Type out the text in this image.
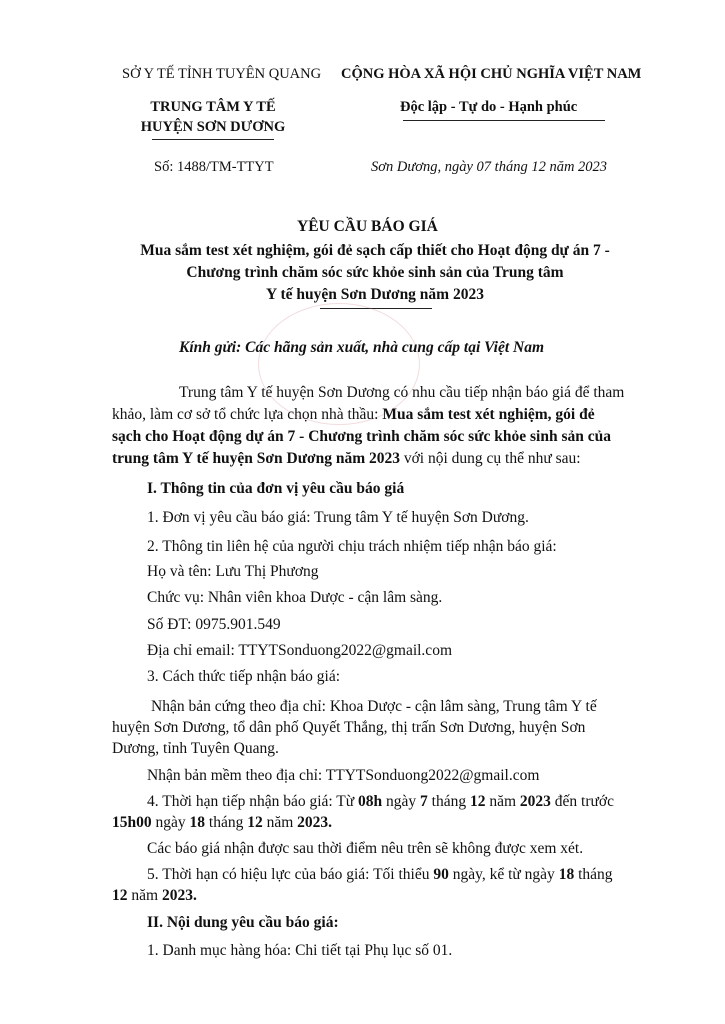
SỞ Y TẾ TỈNH TUYÊN QUANG
TRUNG TÂM Y TẾ
HUYỆN SƠN DƯƠNG
Số: 1488/TM-TTYT
CỘNG HÒA XÃ HỘI CHỦ NGHĨA VIỆT NAM
Độc lập - Tự do - Hạnh phúc
Sơn Dương, ngày 07 tháng 12 năm 2023
YÊU CẦU BÁO GIÁ
Mua sắm test xét nghiệm, gói đẻ sạch cấp thiết cho Hoạt động dự án 7 -
Chương trình chăm sóc sức khỏe sinh sản của Trung tâm
Y tế huyện Sơn Dương năm 2023
Kính gửi: Các hãng sản xuất, nhà cung cấp tại Việt Nam
Trung tâm Y tế huyện Sơn Dương có nhu cầu tiếp nhận báo giá để tham
khảo, làm cơ sở tổ chức lựa chọn nhà thầu: Mua sắm test xét nghiệm, gói đẻ
sạch cho Hoạt động dự án 7 - Chương trình chăm sóc sức khỏe sinh sản của
trung tâm Y tế huyện Sơn Dương năm 2023 với nội dung cụ thể như sau:
I. Thông tin của đơn vị yêu cầu báo giá
1. Đơn vị yêu cầu báo giá: Trung tâm Y tế huyện Sơn Dương.
2. Thông tin liên hệ của người chịu trách nhiệm tiếp nhận báo giá:
Họ và tên: Lưu Thị Phương
Chức vụ: Nhân viên khoa Dược - cận lâm sàng.
Số ĐT: 0975.901.549
Địa chỉ email: TTYTSonduong2022@gmail.com
3. Cách thức tiếp nhận báo giá:
Nhận bản cứng theo địa chỉ: Khoa Dược - cận lâm sàng, Trung tâm Y tế
huyện Sơn Dương, tổ dân phố Quyết Thắng, thị trấn Sơn Dương, huyện Sơn
Dương, tỉnh Tuyên Quang.
Nhận bản mềm theo địa chỉ: TTYTSonduong2022@gmail.com
4. Thời hạn tiếp nhận báo giá: Từ 08h ngày 7 tháng 12 năm 2023 đến trước
15h00 ngày 18 tháng 12 năm 2023.
Các báo giá nhận được sau thời điểm nêu trên sẽ không được xem xét.
5. Thời hạn có hiệu lực của báo giá: Tối thiểu 90 ngày, kể từ ngày 18 tháng
12 năm 2023.
II. Nội dung yêu cầu báo giá:
1. Danh mục hàng hóa: Chi tiết tại Phụ lục số 01.
